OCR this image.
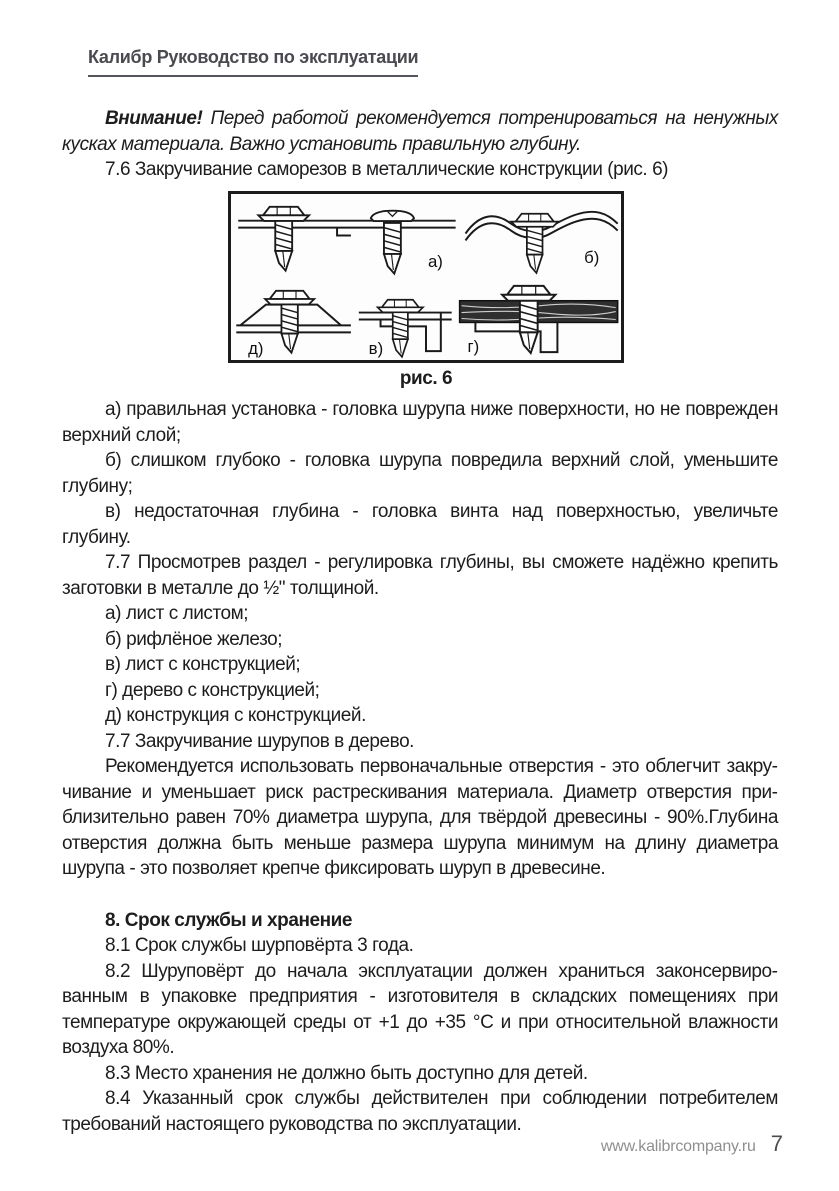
Калибр Руководство по эксплуатации

Внимание! Перед работой рекомендуется потренироваться на ненужных кусках материала. Важно установить правильную глубину.

7.6 Закручивание саморезов в металлические конструкции (рис. 6)

а)	б)
д)	в)	г)

рис. 6

а) правильная установка - головка шурупа ниже поверхности, но не поврежден верхний слой;

б) слишком глубоко - головка шурупа повредила верхний слой, уменьшите глубину;

в) недостаточная глубина - головка винта над поверхностью, увеличьте глубину.

7.7 Просмотрев раздел - регулировка глубины, вы сможете надёжно крепить заготовки в металле до ½" толщиной.

а) лист с листом;

б) рифлёное железо;

в) лист с конструкцией;

г) дерево с конструкцией;

д) конструкция с конструкцией.

7.7 Закручивание шурупов в дерево.

Рекомендуется использовать первоначальные отверстия - это облегчит закручивание и уменьшает риск растрескивания материала. Диаметр отверстия приблизительно равен 70% диаметра шурупа, для твёрдой древесины - 90%.Глубина отверстия должна быть меньше размера шурупа минимум на длину диаметра шурупа - это позволяет крепче фиксировать шуруп в древесине.

8. Срок службы и хранение

8.1 Срок службы шурповёрта 3 года.

8.2 Шуруповёрт до начала эксплуатации должен храниться законсервированным в упаковке предприятия - изготовителя в складских помещениях при температуре окружающей среды от +1 до +35 °С и при относительной влажности воздуха 80%.

8.3 Место хранения не должно быть доступно для детей.

8.4 Указанный срок службы действителен при соблюдении потребителем требований настоящего руководства по эксплуатации.

www.kalibrcompany.ru 7
